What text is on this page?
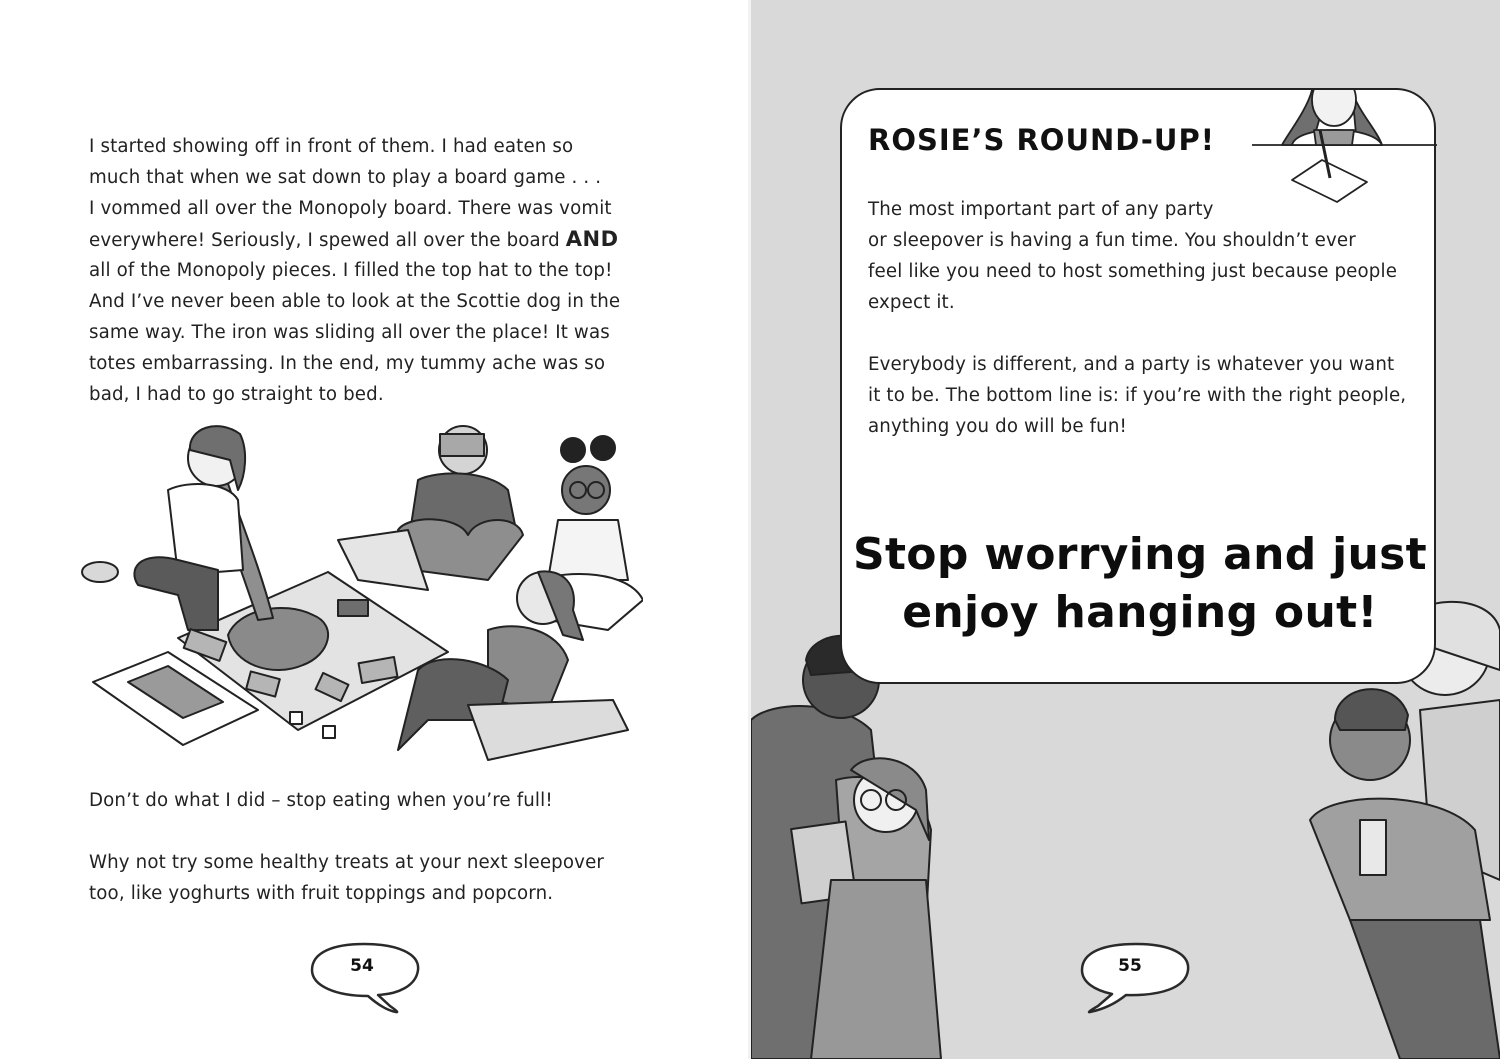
I started showing off in front of them. I had eaten so
much that when we sat down to play a board game . . .
I vommed all over the Monopoly board. There was vomit
everywhere! Seriously, I spewed all over the board AND
all of the Monopoly pieces. I filled the top hat to the top!
And I’ve never been able to look at the Scottie dog in the
same way. The iron was sliding all over the place! It was
totes embarrassing. In the end, my tummy ache was so
bad, I had to go straight to bed.
Don’t do what I did – stop eating when you’re full!
Why not try some healthy treats at your next sleepover
too, like yoghurts with fruit toppings and popcorn.
54
ROSIE’S ROUND-UP!
The most important part of any party
or sleepover is having a fun time. You shouldn’t ever
feel like you need to host something just because people
expect it.
Everybody is different, and a party is whatever you want
it to be. The bottom line is: if you’re with the right people,
anything you do will be fun!
Stop worrying and just
enjoy hanging out!
55
